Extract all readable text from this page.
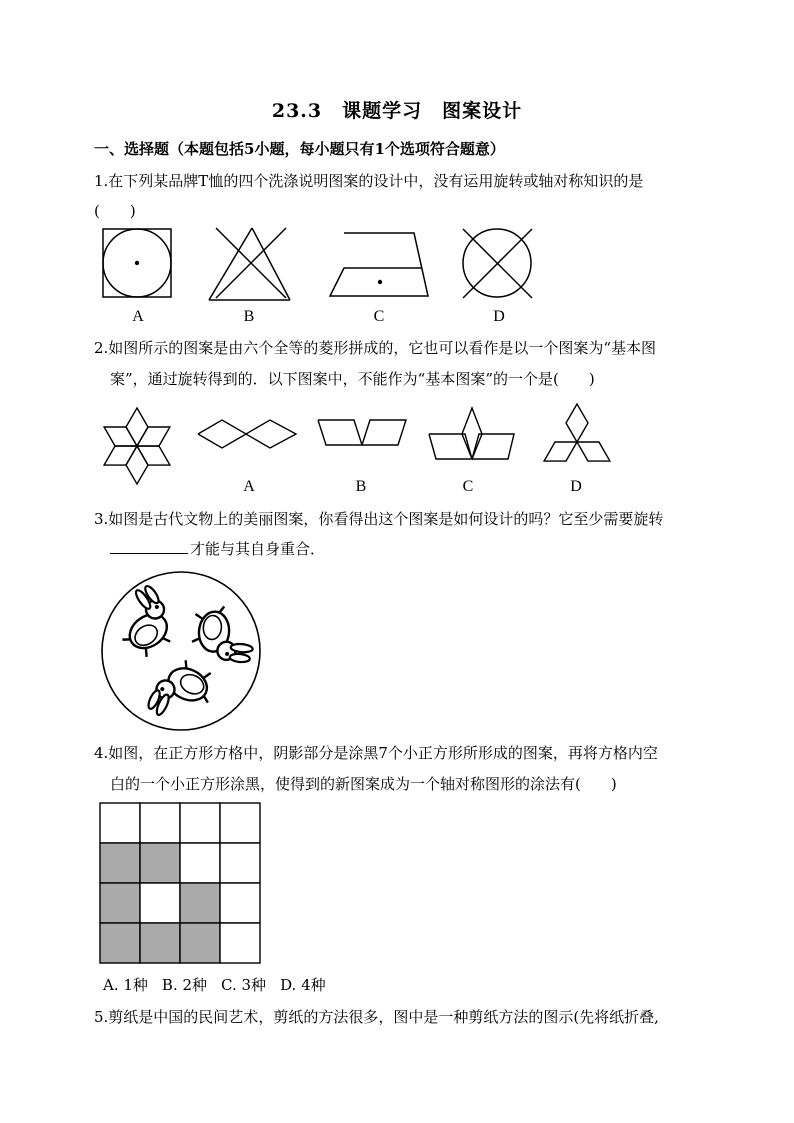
23.3　课题学习　图案设计
一、选择题（本题包括5小题，每小题只有1个选项符合题意）
1.在下列某品牌T恤的四个洗涤说明图案的设计中，没有运用旋转或轴对称知识的是
(　　)
A	B	C	D
2.如图所示的图案是由六个全等的菱形拼成的，它也可以看作是以一个图案为“基本图
案”，通过旋转得到的．以下图案中，不能作为“基本图案”的一个是(　　)
A	B	C	D
3.如图是古代文物上的美丽图案，你看得出这个图案是如何设计的吗？它至少需要旋转
才能与其自身重合．
4.如图，在正方形方格中，阴影部分是涂黑7个小正方形所形成的图案，再将方格内空
白的一个小正方形涂黑，使得到的新图案成为一个轴对称图形的涂法有(　　)
A. 1种 B. 2种 C. 3种 D. 4种
5.剪纸是中国的民间艺术，剪纸的方法很多，图中是一种剪纸方法的图示(先将纸折叠,
